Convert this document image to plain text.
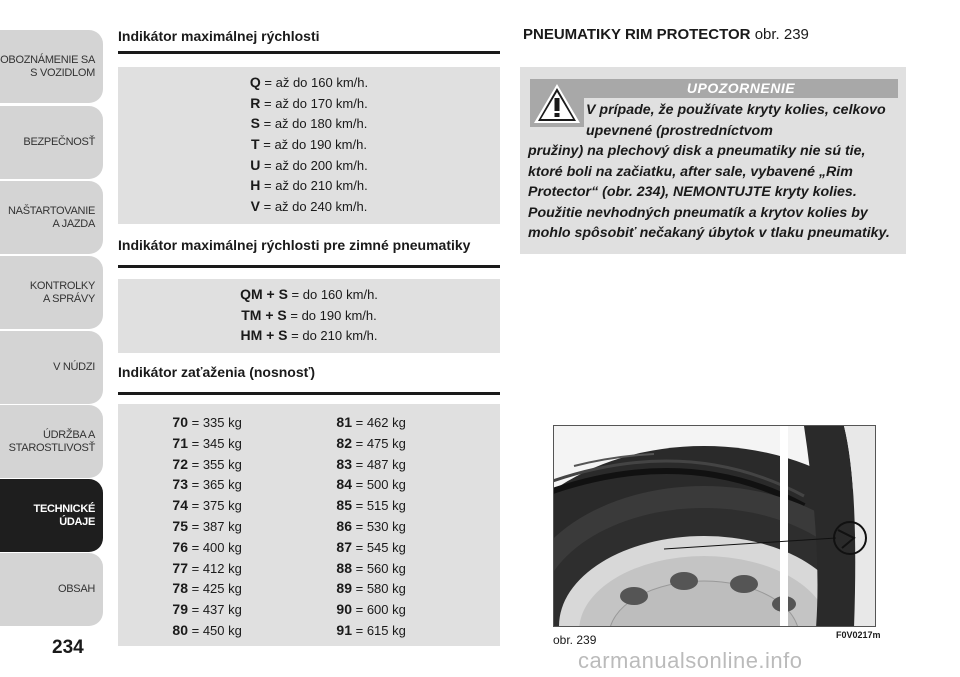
OBOZNÁMENIE SA
S VOZIDLOM
BEZPEČNOSŤ
NAŠTARTOVANIE
A JAZDA
KONTROLKY
A SPRÁVY
V NÚDZI
ÚDRŽBA A
STAROSTLIVOSŤ
TECHNICKÉ
ÚDAJE
OBSAH
234
Indikátor maximálnej rýchlosti
Q = až do 160 km/h.
R = až do 170 km/h.
S = až do 180 km/h.
T = až do 190 km/h.
U = až do 200 km/h.
H = až do 210 km/h.
V = až do 240 km/h.
Indikátor maximálnej rýchlosti pre zimné pneumatiky
QM + S = do 160 km/h.
TM + S = do 190 km/h.
HM + S = do 210 km/h.
Indikátor zaťaženia (nosnosť)
70 = 335 kg
71 = 345 kg
72 = 355 kg
73 = 365 kg
74 = 375 kg
75 = 387 kg
76 = 400 kg
77 = 412 kg
78 = 425 kg
79 = 437 kg
80 = 450 kg
81 = 462 kg
82 = 475 kg
83 = 487 kg
84 = 500 kg
85 = 515 kg
86 = 530 kg
87 = 545 kg
88 = 560 kg
89 = 580 kg
90 = 600 kg
91 = 615 kg
PNEUMATIKY RIM PROTECTOR obr. 239
UPOZORNENIE
V prípade, že používate kryty kolies, celkovo upevnené (prostredníctvom
pružiny) na plechový disk a pneumatiky nie sú tie, ktoré boli na začiatku, after sale, vybavené „Rim Protector“ (obr. 234), NEMONTUJTE kryty kolies. Použitie nevhodných pneumatík a krytov kolies by mohlo spôsobiť nečakaný úbytok v tlaku pneumatiky.
obr. 239	F0V0217m
carmanualsonline.info
